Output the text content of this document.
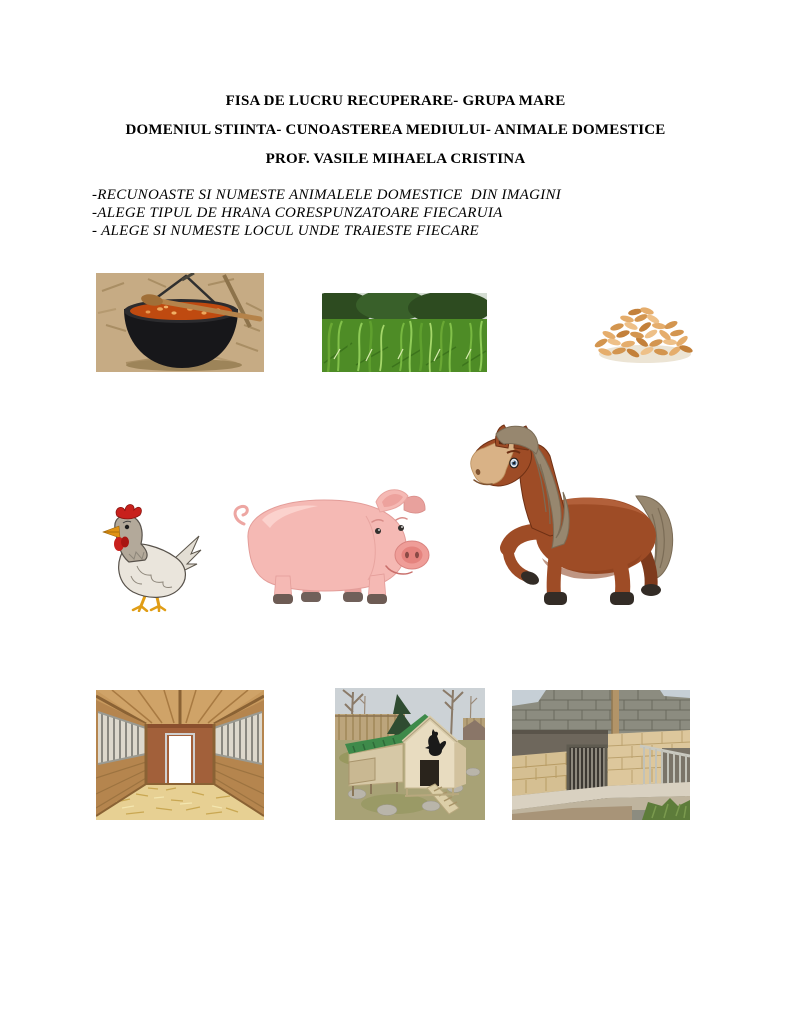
FISA DE LUCRU RECUPERARE- GRUPA MARE
DOMENIUL STIINTA- CUNOASTEREA MEDIULUI- ANIMALE DOMESTICE
PROF. VASILE MIHAELA CRISTINA
-RECUNOASTE SI NUMESTE ANIMALELE DOMESTICE  DIN IMAGINI
-ALEGE TIPUL DE HRANA CORESPUNZATOARE FIECARUIA
- ALEGE SI NUMESTE LOCUL UNDE TRAIESTE FIECARE
